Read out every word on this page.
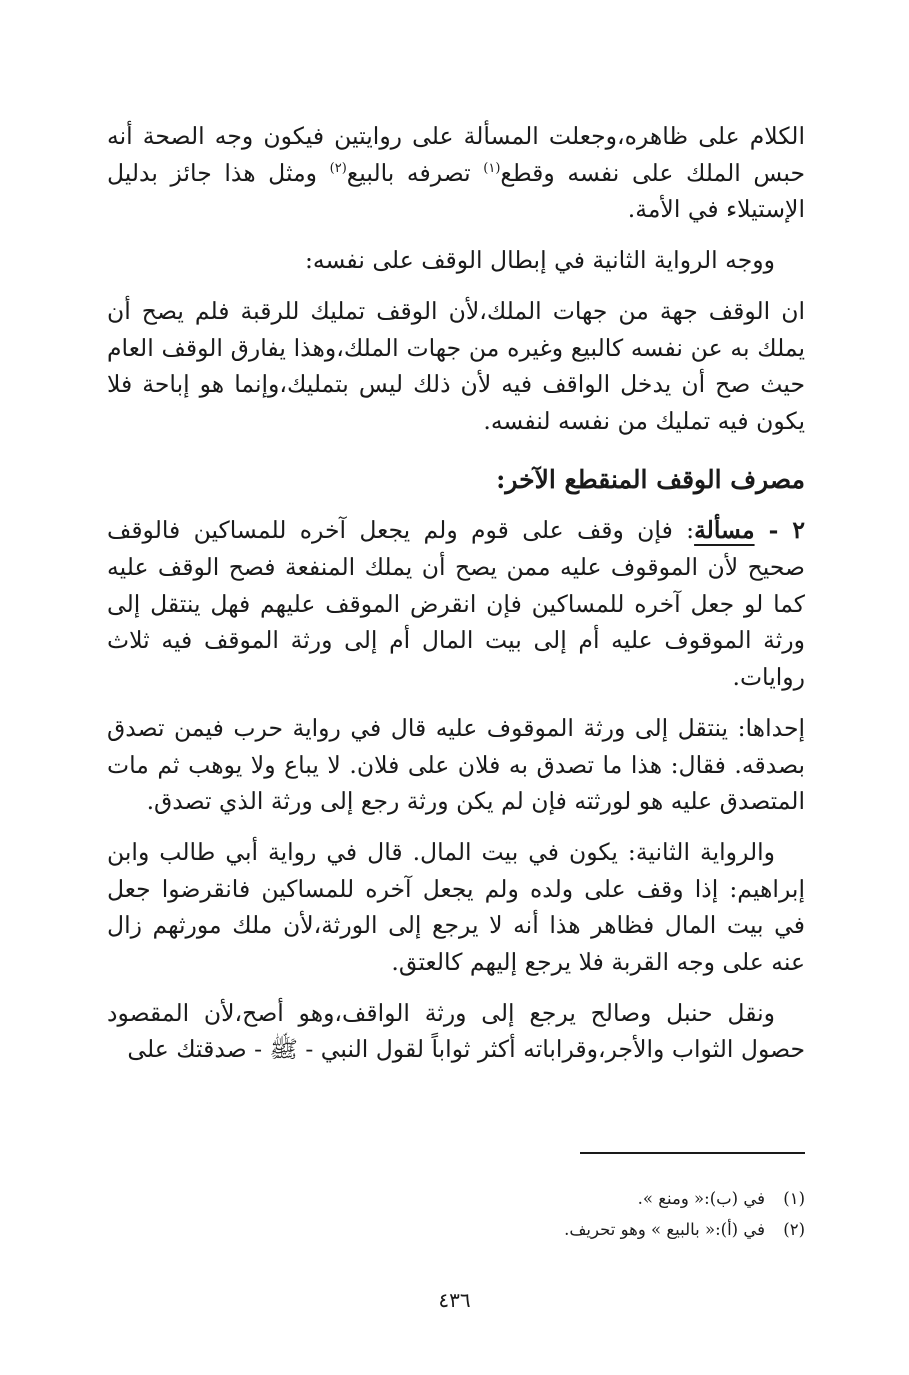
الكلام على ظاهره،وجعلت المسألة على روايتين فيكون وجه الصحة أنه حبس الملك على نفسه وقطع$^{(١)}$ تصرفه بالبيع$^{(٢)}$ ومثل هذا جائز بدليل الإستيلاء في الأمة.

ووجه الرواية الثانية في إبطال الوقف على نفسه:

ان الوقف جهة من جهات الملك،لأن الوقف تمليك للرقبة فلم يصح أن يملك به عن نفسه كالبيع وغيره من جهات الملك،وهذا يفارق الوقف العام حيث صح أن يدخل الواقف فيه لأن ذلك ليس بتمليك،وإنما هو إباحة فلا يكون فيه تمليك من نفسه لنفسه.

مصرف الوقف المنقطع الآخر:

٢ - مسألة: فإن وقف على قوم ولم يجعل آخره للمساكين فالوقف صحيح لأن الموقوف عليه ممن يصح أن يملك المنفعة فصح الوقف عليه كما لو جعل آخره للمساكين فإن انقرض الموقف عليهم فهل ينتقل إلى ورثة الموقوف عليه أم إلى بيت المال أم إلى ورثة الموقف فيه ثلاث روايات.

إحداها: ينتقل إلى ورثة الموقوف عليه قال في رواية حرب فيمن تصدق بصدقه. فقال: هذا ما تصدق به فلان على فلان. لا يباع ولا يوهب ثم مات المتصدق عليه هو لورثته فإن لم يكن ورثة رجع إلى ورثة الذي تصدق.

والرواية الثانية: يكون في بيت المال. قال في رواية أبي طالب وابن إبراهيم: إذا وقف على ولده ولم يجعل آخره للمساكين فانقرضوا جعل في بيت المال فظاهر هذا أنه لا يرجع إلى الورثة،لأن ملك مورثهم زال عنه على وجه القربة فلا يرجع إليهم كالعتق.

ونقل حنبل وصالح يرجع إلى ورثة الواقف،وهو أصح،لأن المقصود حصول الثواب والأجر،وقراباته أكثر ثواباً لقول النبي - ﷺ - صدقتك على

(١)في (ب):« ومنع ».
(٢)في (أ):« بالبيع » وهو تحريف.
٤٣٦
